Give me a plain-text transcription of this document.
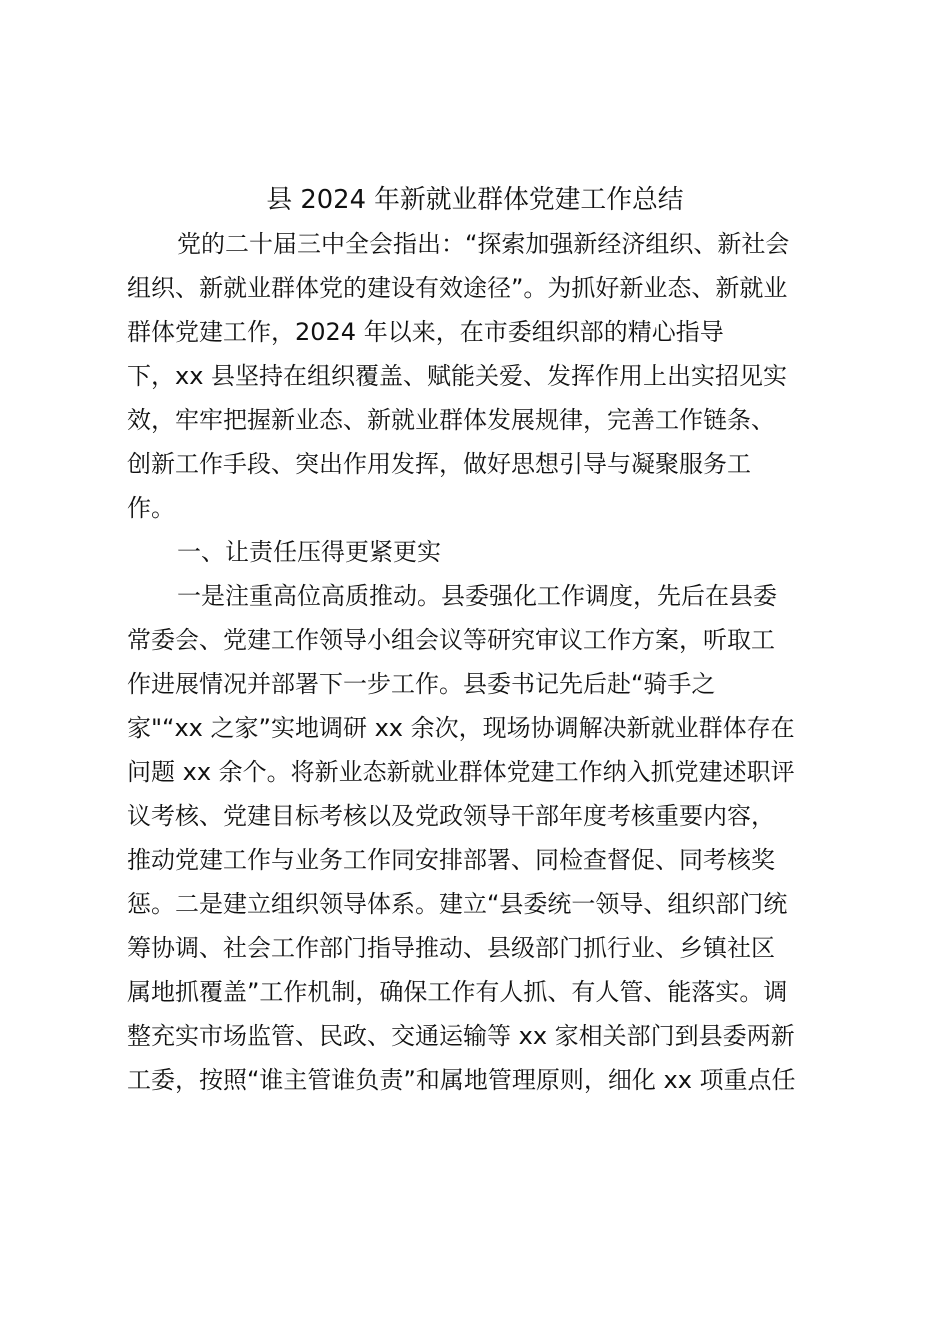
县 2024 年新就业群体党建工作总结

党的二十届三中全会指出：“探索加强新经济组织、新社会

组织、新就业群体党的建设有效途径”。为抓好新业态、新就业

群体党建工作，2024 年以来，在市委组织部的精心指导

下，xx 县坚持在组织覆盖、赋能关爱、发挥作用上出实招见实

效，牢牢把握新业态、新就业群体发展规律，完善工作链条、

创新工作手段、突出作用发挥，做好思想引导与凝聚服务工

作。

一、让责任压得更紧更实

一是注重高位高质推动。县委强化工作调度，先后在县委

常委会、党建工作领导小组会议等研究审议工作方案，听取工

作进展情况并部署下一步工作。县委书记先后赴“骑手之

家"“xx 之家”实地调研 xx 余次，现场协调解决新就业群体存在

问题 xx 余个。将新业态新就业群体党建工作纳入抓党建述职评

议考核、党建目标考核以及党政领导干部年度考核重要内容，

推动党建工作与业务工作同安排部署、同检查督促、同考核奖

惩。二是建立组织领导体系。建立“县委统一领导、组织部门统

筹协调、社会工作部门指导推动、县级部门抓行业、乡镇社区

属地抓覆盖”工作机制，确保工作有人抓、有人管、能落实。调

整充实市场监管、民政、交通运输等 xx 家相关部门到县委两新

工委，按照“谁主管谁负责”和属地管理原则，细化 xx 项重点任
